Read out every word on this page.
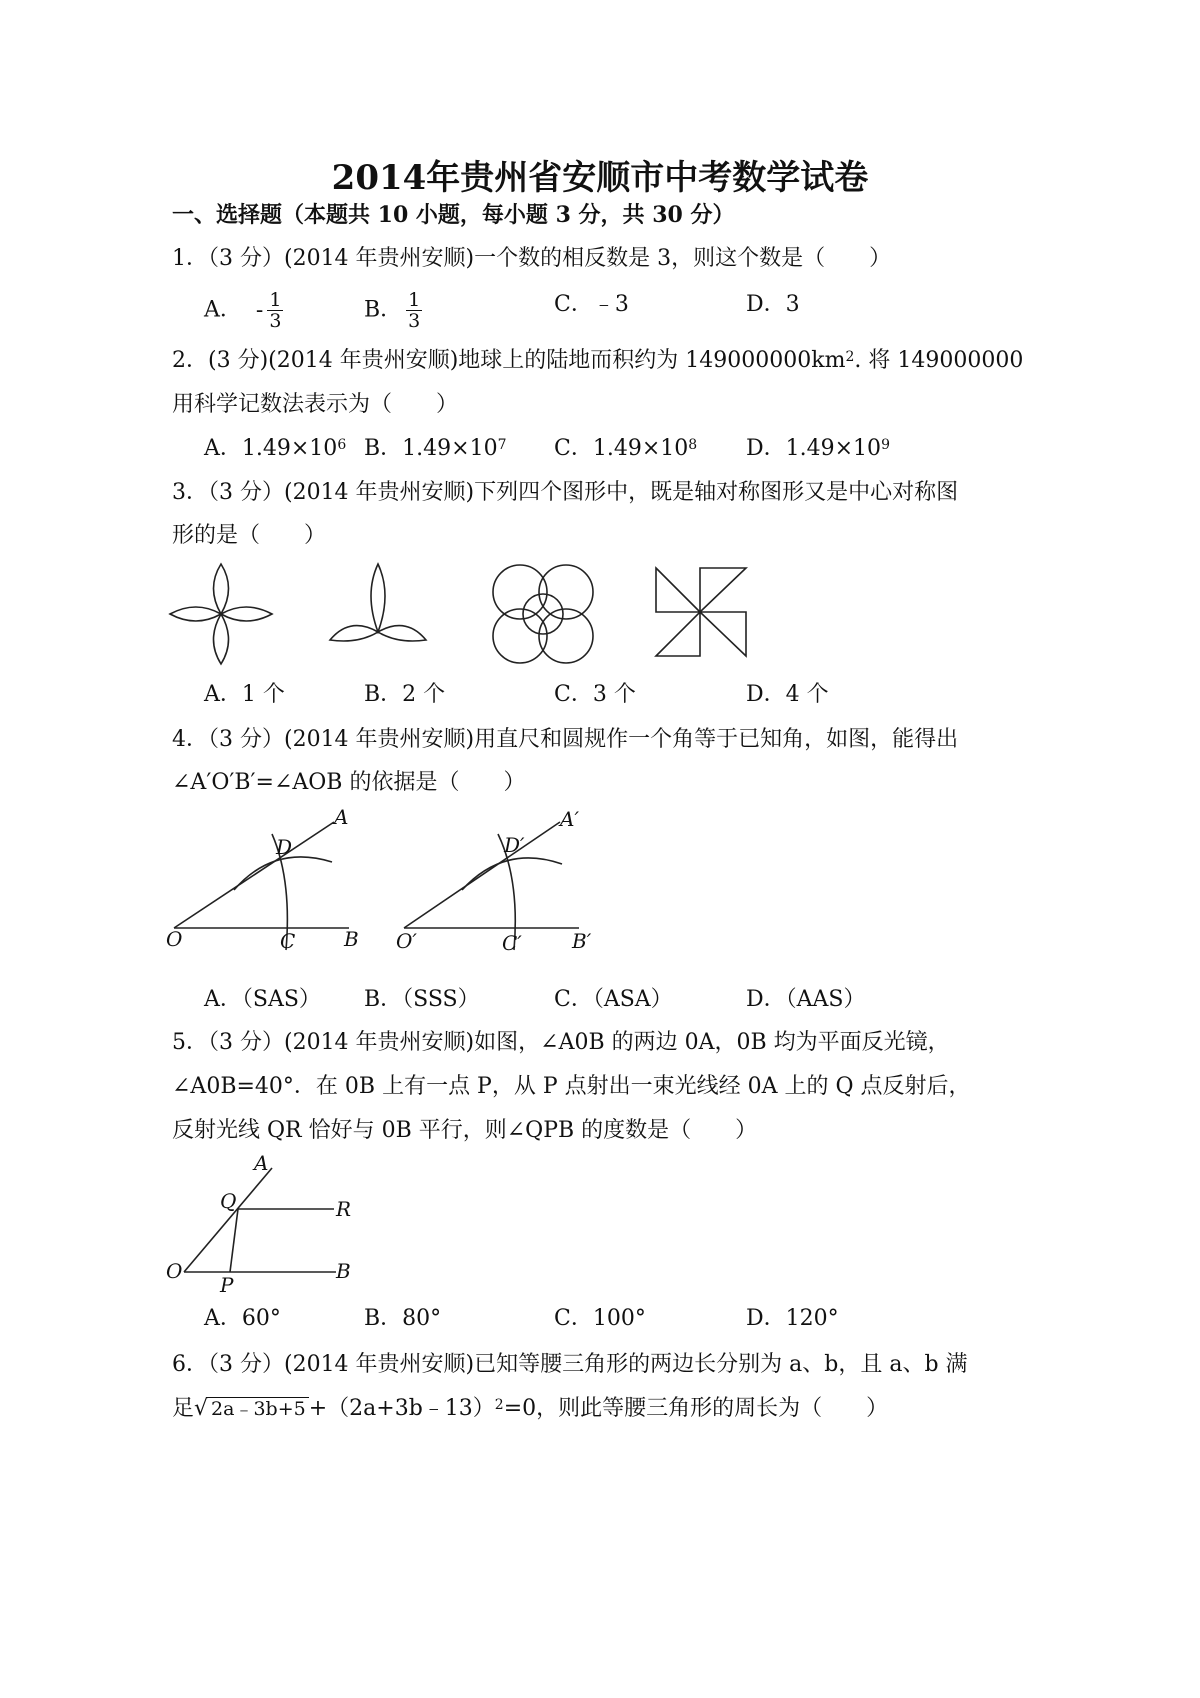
2014年贵州省安顺市中考数学试卷
一、选择题（本题共 10 小题，每小题 3 分，共 30 分）
1．（3 分）(2014 年贵州安顺)一个数的相反数是 3，则这个数是（　　）
A． - $\frac{1}{3}$	B． $\frac{1}{3}$	C．﹣3	D．3
2．(3 分)(2014 年贵州安顺)地球上的陆地而积约为 $149000000km^2$. 将 149000000
用科学记数法表示为（　　）
A．$1.49\times 10^6$ B．$1.49\times 10^7$ C．$1.49\times 10^8$ D．$1.49\times 10^9$
3．（3 分）(2014 年贵州安顺)下列四个图形中，既是轴对称图形又是中心对称图
形的是（　　）
A．1 个	B．2 个	C．3 个	D．4 个
4．（3 分）(2014 年贵州安顺)用直尺和圆规作一个角等于已知角，如图，能得出
∠A′O′B′=∠AOB 的依据是（　　）
A
D
O	C B
A′
D′
O′	C′	B′
A．（SAS） B．（SSS）	C．（ASA）	D．（AAS）
5．（3 分）(2014 年贵州安顺)如图，∠A0B 的两边 0A，0B 均为平面反光镜，
∠A0B=40°．在 0B 上有一点 P，从 P 点射出一束光线经 0A 上的 Q 点反射后，
反射光线 QR 恰好与 0B 平行，则∠QPB 的度数是（　　）
A
Q	R
O
P
B
A．60°	B．80°	C．100°	D．120°
6．（3 分）(2014 年贵州安顺)已知等腰三角形的两边长分别为 a、b，且 a、b 满
足√ 2a﹣3b+5 +（2a+3b﹣13）$^2$=0，则此等腰三角形的周长为（　　）
